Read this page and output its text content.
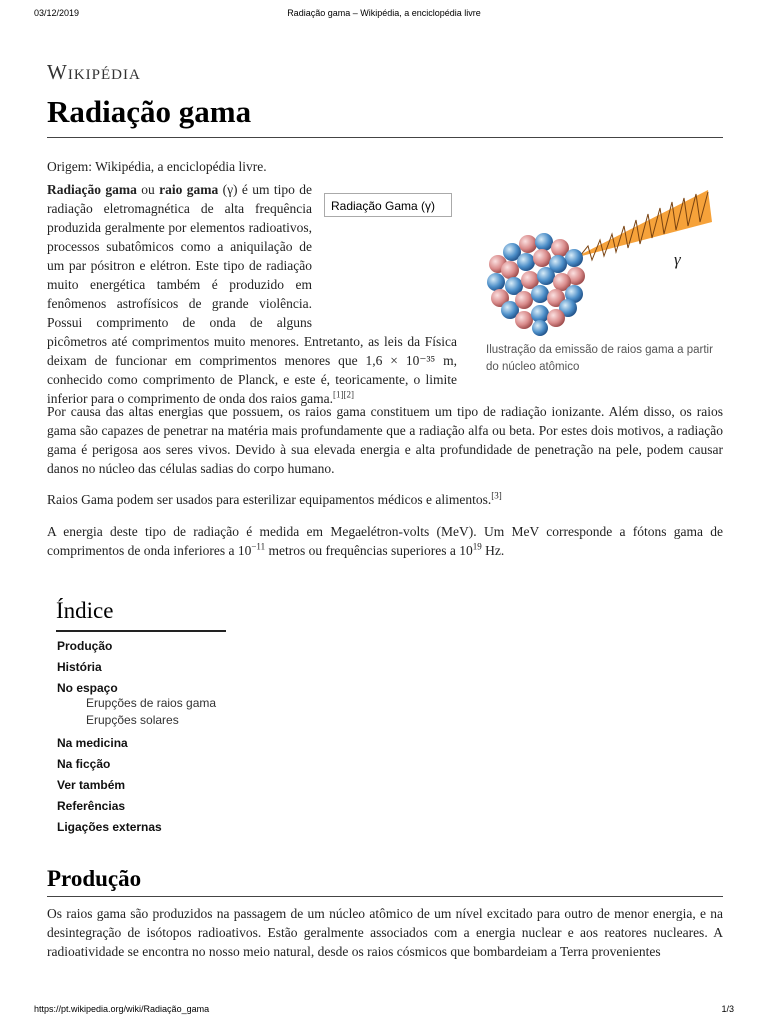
03/12/2019	Radiação gama – Wikipédia, a enciclopédia livre
Wikipédia
Radiação gama
Origem: Wikipédia, a enciclopédia livre.
Radiação gama ou raio gama (γ) é um tipo de radiação eletromagnética de alta frequência produzida geralmente por elementos radioativos, processos subatômicos como a aniquilação de um par pósitron e elétron. Este tipo de radiação muito energética também é produzido em fenômenos astrofísicos de grande violência. Possui comprimento de onda de alguns picômetros até comprimentos muito menores. Entretanto, as leis da Física deixam de funcionar em comprimentos menores que 1,6 × 10⁻³⁵ m, conhecido como comprimento de Planck, e este é, teoricamente, o limite inferior para o comprimento de onda dos raios gama.[1][2]
Radiação Gama (γ)
γ
Ilustração da emissão de raios gama a partir do núcleo atômico
Por causa das altas energias que possuem, os raios gama constituem um tipo de radiação ionizante. Além disso, os raios gama são capazes de penetrar na matéria mais profundamente que a radiação alfa ou beta. Por estes dois motivos, a radiação gama é perigosa aos seres vivos. Devido à sua elevada energia e alta profundidade de penetração na pele, podem causar danos no núcleo das células sadias do corpo humano.
Raios Gama podem ser usados para esterilizar equipamentos médicos e alimentos.[3]
A energia deste tipo de radiação é medida em Megaelétron-volts (MeV). Um MeV corresponde a fótons gama de comprimentos de onda inferiores a $10^{-11}$ metros ou frequências superiores a $10^{19}$ Hz.
Índice
Produção
História
No espaço
Erupções de raios gama
Erupções solares
Na medicina
Na ficção
Ver também
Referências
Ligações externas
Produção
Os raios gama são produzidos na passagem de um núcleo atômico de um nível excitado para outro de menor energia, e na desintegração de isótopos radioativos. Estão geralmente associados com a energia nuclear e aos reatores nucleares. A radioatividade se encontra no nosso meio natural, desde os raios cósmicos que bombardeiam a Terra provenientes
https://pt.wikipedia.org/wiki/Radiação_gama	1/3
